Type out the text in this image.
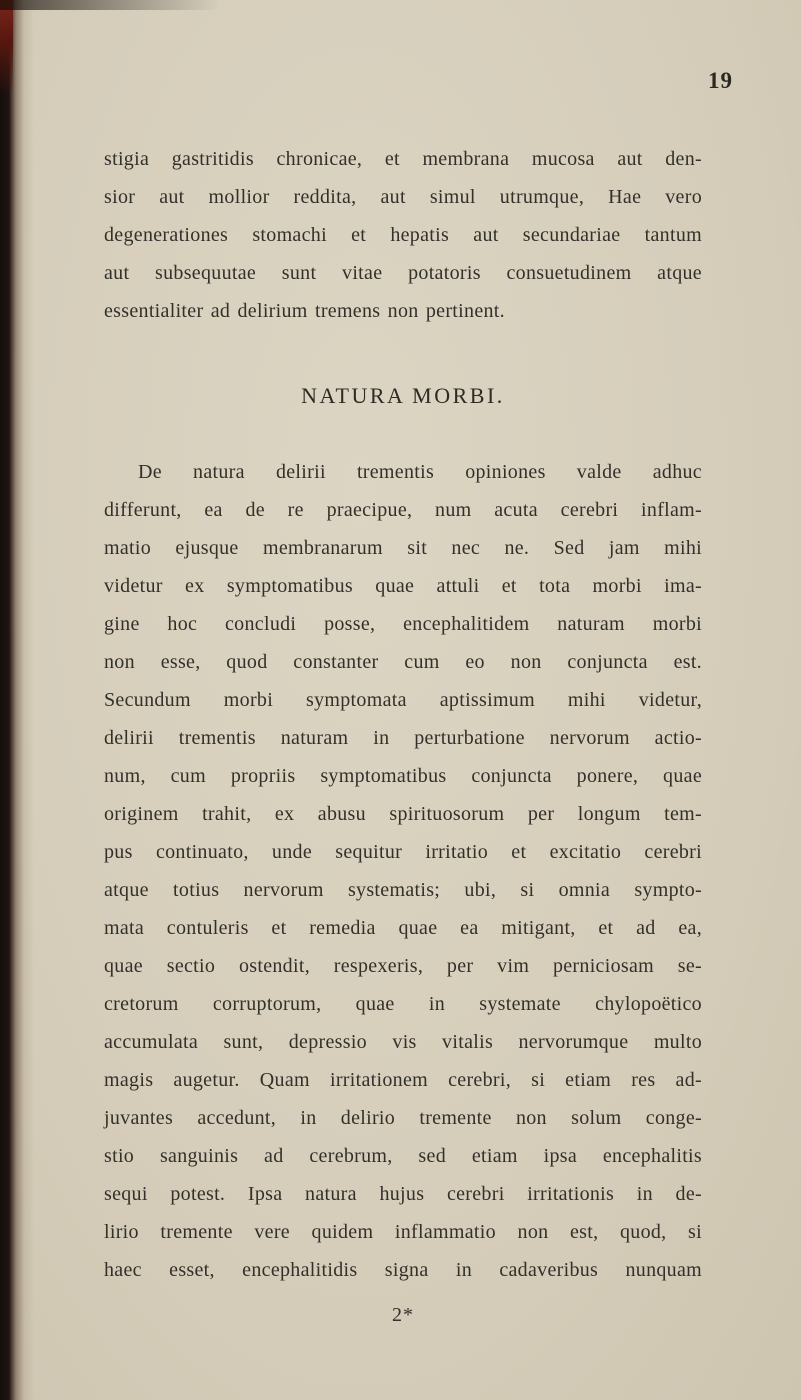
19
stigia gastritidis chronicae, et membrana mucosa aut den-
sior aut mollior reddita, aut simul utrumque, Hae vero
degenerationes stomachi et hepatis aut secundariae tantum
aut subsequutae sunt vitae potatoris consuetudinem atque
essentialiter ad delirium tremens non pertinent.
NATURA MORBI.
De natura delirii trementis opiniones valde adhuc
differunt, ea de re praecipue, num acuta cerebri inflam-
matio ejusque membranarum sit nec ne. Sed jam mihi
videtur ex symptomatibus quae attuli et tota morbi ima-
gine hoc concludi posse, encephalitidem naturam morbi
non esse, quod constanter cum eo non conjuncta est.
Secundum morbi symptomata aptissimum mihi videtur,
delirii trementis naturam in perturbatione nervorum actio-
num, cum propriis symptomatibus conjuncta ponere, quae
originem trahit, ex abusu spirituosorum per longum tem-
pus continuato, unde sequitur irritatio et excitatio cerebri
atque totius nervorum systematis; ubi, si omnia sympto-
mata contuleris et remedia quae ea mitigant, et ad ea,
quae sectio ostendit, respexeris, per vim perniciosam se-
cretorum corruptorum, quae in systemate chylopoëtico
accumulata sunt, depressio vis vitalis nervorumque multo
magis augetur. Quam irritationem cerebri, si etiam res ad-
juvantes accedunt, in delirio tremente non solum conge-
stio sanguinis ad cerebrum, sed etiam ipsa encephalitis
sequi potest. Ipsa natura hujus cerebri irritationis in de-
lirio tremente vere quidem inflammatio non est, quod, si
haec esset, encephalitidis signa in cadaveribus nunquam
2*
